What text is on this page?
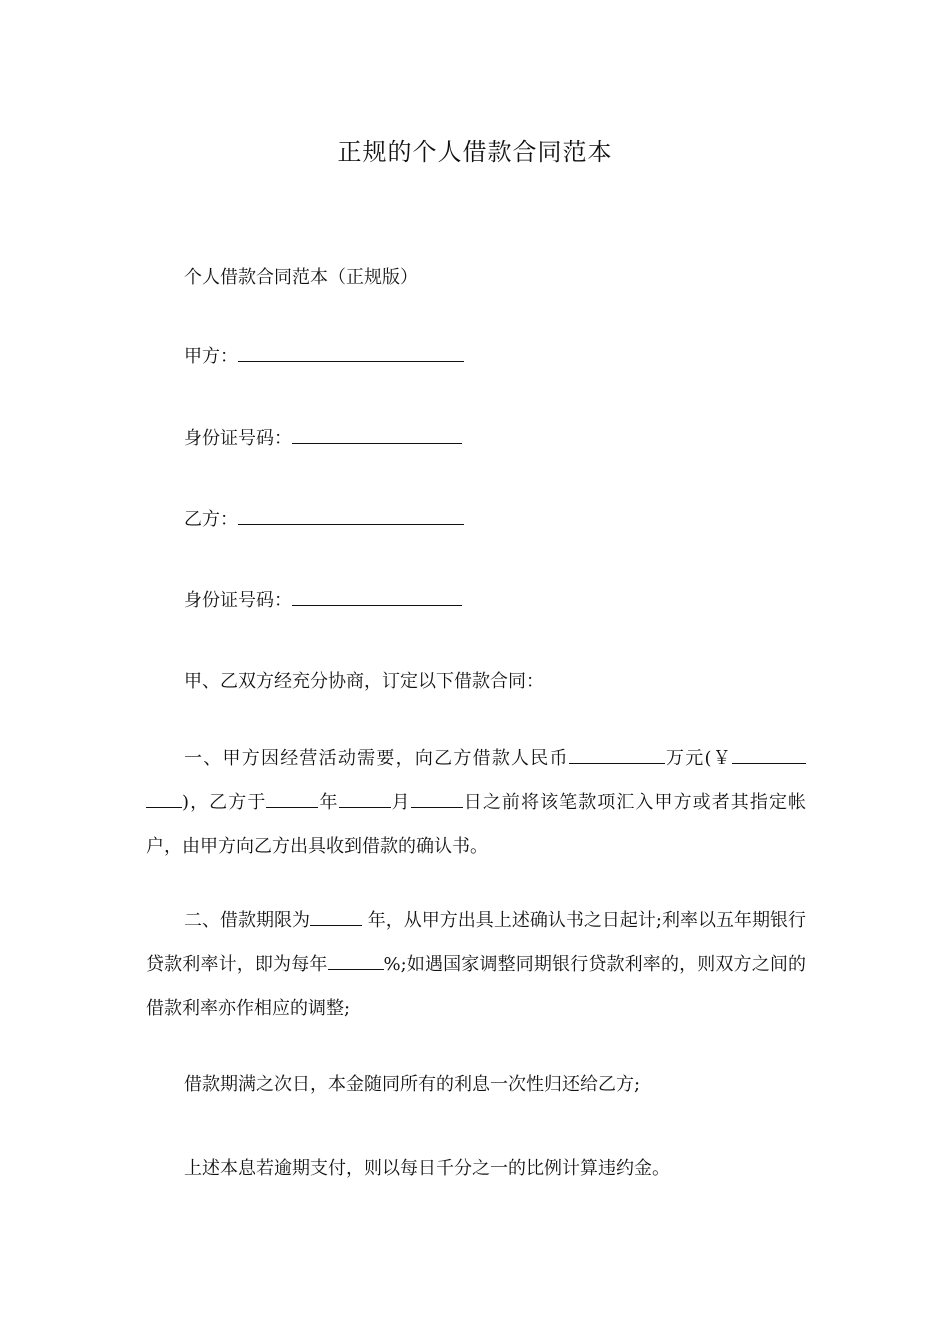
正规的个人借款合同范本
个人借款合同范本（正规版）
甲方：
身份证号码：
乙方：
身份证号码：
甲、乙双方经充分协商，订定以下借款合同：
一、甲方因经营活动需要，向乙方借款人民币	万元(￥)，乙方于	年	月	日之前将该笔款项汇入甲方或者其指定帐户，由甲方向乙方出具收到借款的确认书。
二、借款期限为	年，从甲方出具上述确认书之日起计;利率以五年期银行贷款利率计，即为每年	%;如遇国家调整同期银行贷款利率的，则双方之间的借款利率亦作相应的调整;
借款期满之次日，本金随同所有的利息一次性归还给乙方;
上述本息若逾期支付，则以每日千分之一的比例计算违约金。
